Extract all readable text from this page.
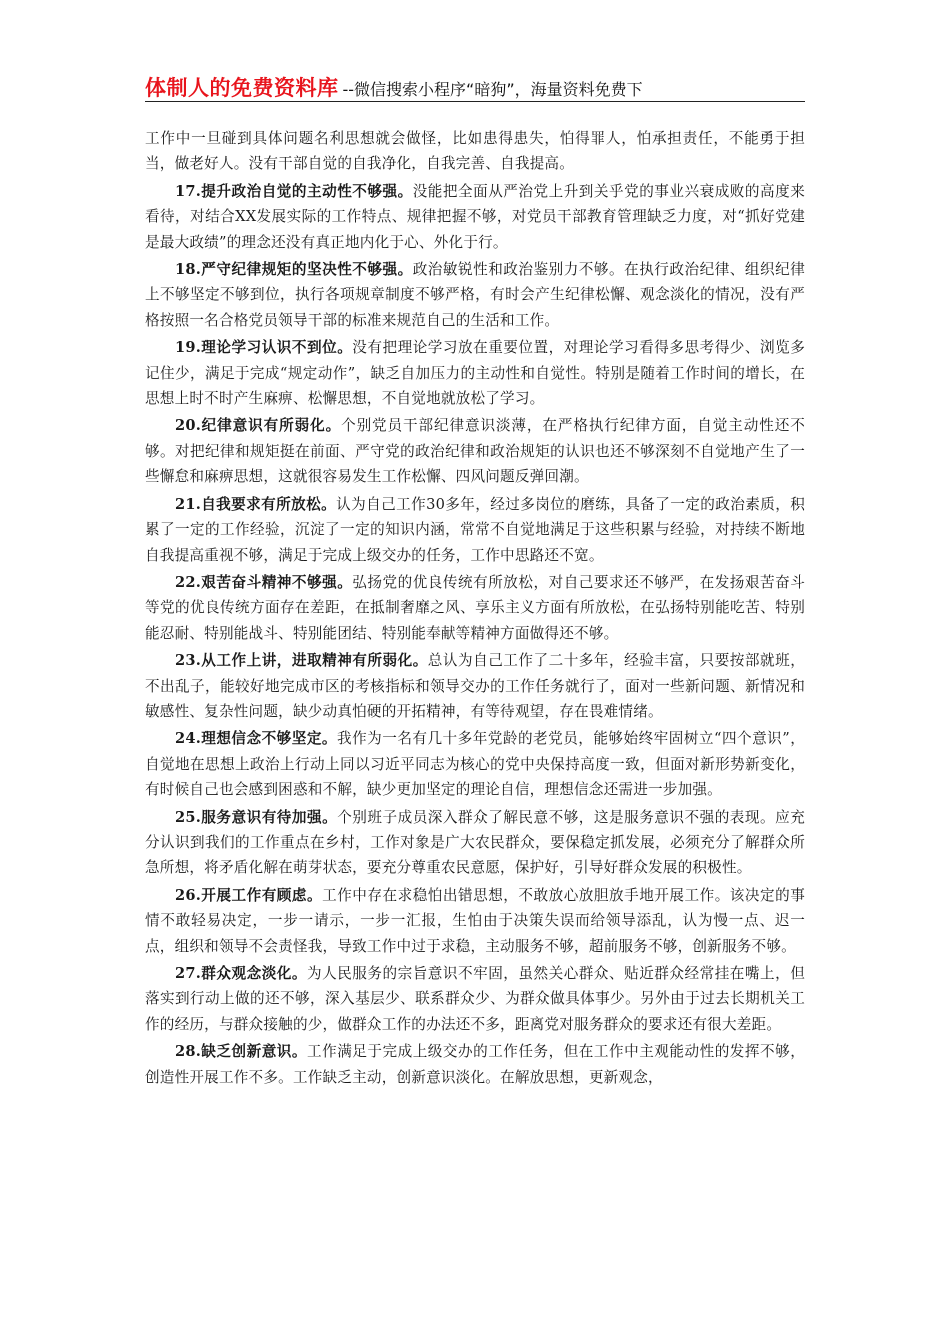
体制人的免费资料库 --微信搜索小程序“暗狗”，海量资料免费下

工作中一旦碰到具体问题名利思想就会做怪，比如患得患失，怕得罪人，怕承担责任，不能勇于担当，做老好人。没有干部自觉的自我净化，自我完善、自我提高。

17.提升政治自觉的主动性不够强。没能把全面从严治党上升到关乎党的事业兴衰成败的高度来看待，对结合XX发展实际的工作特点、规律把握不够，对党员干部教育管理缺乏力度，对“抓好党建是最大政绩”的理念还没有真正地内化于心、外化于行。

18.严守纪律规矩的坚决性不够强。政治敏锐性和政治鉴别力不够。在执行政治纪律、组织纪律上不够坚定不够到位，执行各项规章制度不够严格，有时会产生纪律松懈、观念淡化的情况，没有严格按照一名合格党员领导干部的标准来规范自己的生活和工作。

19.理论学习认识不到位。没有把理论学习放在重要位置，对理论学习看得多思考得少、浏览多记住少，满足于完成“规定动作”，缺乏自加压力的主动性和自觉性。特别是随着工作时间的增长，在思想上时不时产生麻痹、松懈思想，不自觉地就放松了学习。

20.纪律意识有所弱化。个别党员干部纪律意识淡薄，在严格执行纪律方面，自觉主动性还不够。对把纪律和规矩挺在前面、严守党的政治纪律和政治规矩的认识也还不够深刻不自觉地产生了一些懈怠和麻痹思想，这就很容易发生工作松懈、四风问题反弹回潮。

21.自我要求有所放松。认为自己工作30多年，经过多岗位的磨练，具备了一定的政治素质，积累了一定的工作经验，沉淀了一定的知识内涵，常常不自觉地满足于这些积累与经验，对持续不断地自我提高重视不够，满足于完成上级交办的任务，工作中思路还不宽。

22.艰苦奋斗精神不够强。弘扬党的优良传统有所放松，对自己要求还不够严，在发扬艰苦奋斗等党的优良传统方面存在差距，在抵制奢靡之风、享乐主义方面有所放松，在弘扬特别能吃苦、特别能忍耐、特别能战斗、特别能团结、特别能奉献等精神方面做得还不够。

23.从工作上讲，进取精神有所弱化。总认为自己工作了二十多年，经验丰富，只要按部就班，不出乱子，能较好地完成市区的考核指标和领导交办的工作任务就行了，面对一些新问题、新情况和敏感性、复杂性问题，缺少动真怕硬的开拓精神，有等待观望，存在畏难情绪。

24.理想信念不够坚定。我作为一名有几十多年党龄的老党员，能够始终牢固树立“四个意识”，自觉地在思想上政治上行动上同以习近平同志为核心的党中央保持高度一致，但面对新形势新变化，有时候自己也会感到困惑和不解，缺少更加坚定的理论自信，理想信念还需进一步加强。

25.服务意识有待加强。个别班子成员深入群众了解民意不够，这是服务意识不强的表现。应充分认识到我们的工作重点在乡村，工作对象是广大农民群众，要保稳定抓发展，必须充分了解群众所急所想，将矛盾化解在萌芽状态，要充分尊重农民意愿，保护好，引导好群众发展的积极性。

26.开展工作有顾虑。工作中存在求稳怕出错思想，不敢放心放胆放手地开展工作。该决定的事情不敢轻易决定，一步一请示，一步一汇报，生怕由于决策失误而给领导添乱，认为慢一点、迟一点，组织和领导不会责怪我，导致工作中过于求稳，主动服务不够，超前服务不够，创新服务不够。

27.群众观念淡化。为人民服务的宗旨意识不牢固，虽然关心群众、贴近群众经常挂在嘴上，但落实到行动上做的还不够，深入基层少、联系群众少、为群众做具体事少。另外由于过去长期机关工作的经历，与群众接触的少，做群众工作的办法还不多，距离党对服务群众的要求还有很大差距。

28.缺乏创新意识。工作满足于完成上级交办的工作任务，但在工作中主观能动性的发挥不够，创造性开展工作不多。工作缺乏主动，创新意识淡化。在解放思想，更新观念，
